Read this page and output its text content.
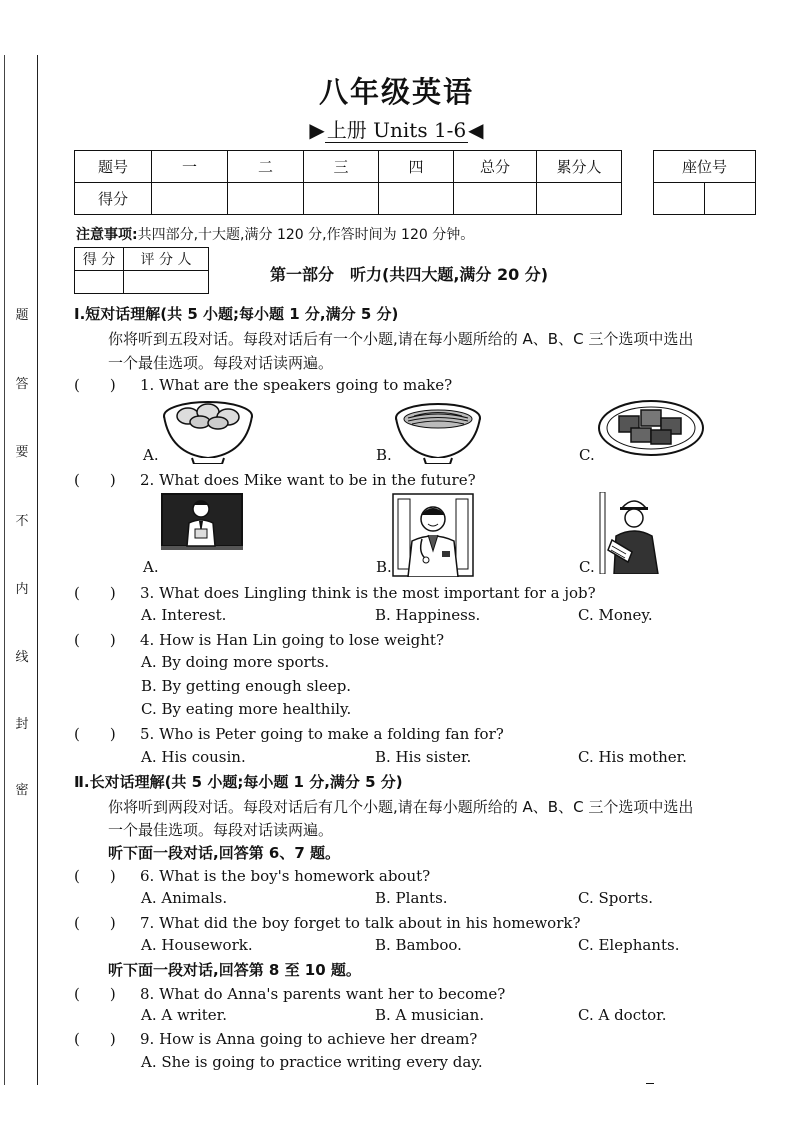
题
答
要
不
内
线
封
密
八年级英语
▶ 上册 Units 1-6 ◀
题号	一	二	三	四	总分	累分人
得分						
座位号

注意事项:共四部分,十大题,满分 120 分,作答时间为 120 分钟。
得 分	评 分 人

第一部分　听力(共四大题,满分 20 分)
Ⅰ.短对话理解(共 5 小题;每小题 1 分,满分 5 分)
你将听到五段对话。每段对话后有一个小题,请在每小题所给的 A、B、C 三个选项中选出
一个最佳选项。每段对话读两遍。
(　　) 1. What are the speakers going to make?
A.	B.	C.
(　　) 2. What does Mike want to be in the future?
A.	B.	C.
(　　) 3. What does Lingling think is the most important for a job?
A. Interest.	B. Happiness.	C. Money.
(　　) 4. How is Han Lin going to lose weight?
A. By doing more sports.
B. By getting enough sleep.
C. By eating more healthily.
(　　) 5. Who is Peter going to make a folding fan for?
A. His cousin.	B. His sister.	C. His mother.
Ⅱ.长对话理解(共 5 小题;每小题 1 分,满分 5 分)
你将听到两段对话。每段对话后有几个小题,请在每小题所给的 A、B、C 三个选项中选出
一个最佳选项。每段对话读两遍。
听下面一段对话,回答第 6、7 题。
(　　) 6. What is the boy's homework about?
A. Animals.	B. Plants.	C. Sports.
(　　) 7. What did the boy forget to talk about in his homework?
A. Housework.	B. Bamboo.	C. Elephants.
听下面一段对话,回答第 8 至 10 题。
(　　) 8. What do Anna's parents want her to become?
A. A writer.	B. A musician.	C. A doctor.
(　　) 9. How is Anna going to achieve her dream?
A. She is going to practice writing every day.
